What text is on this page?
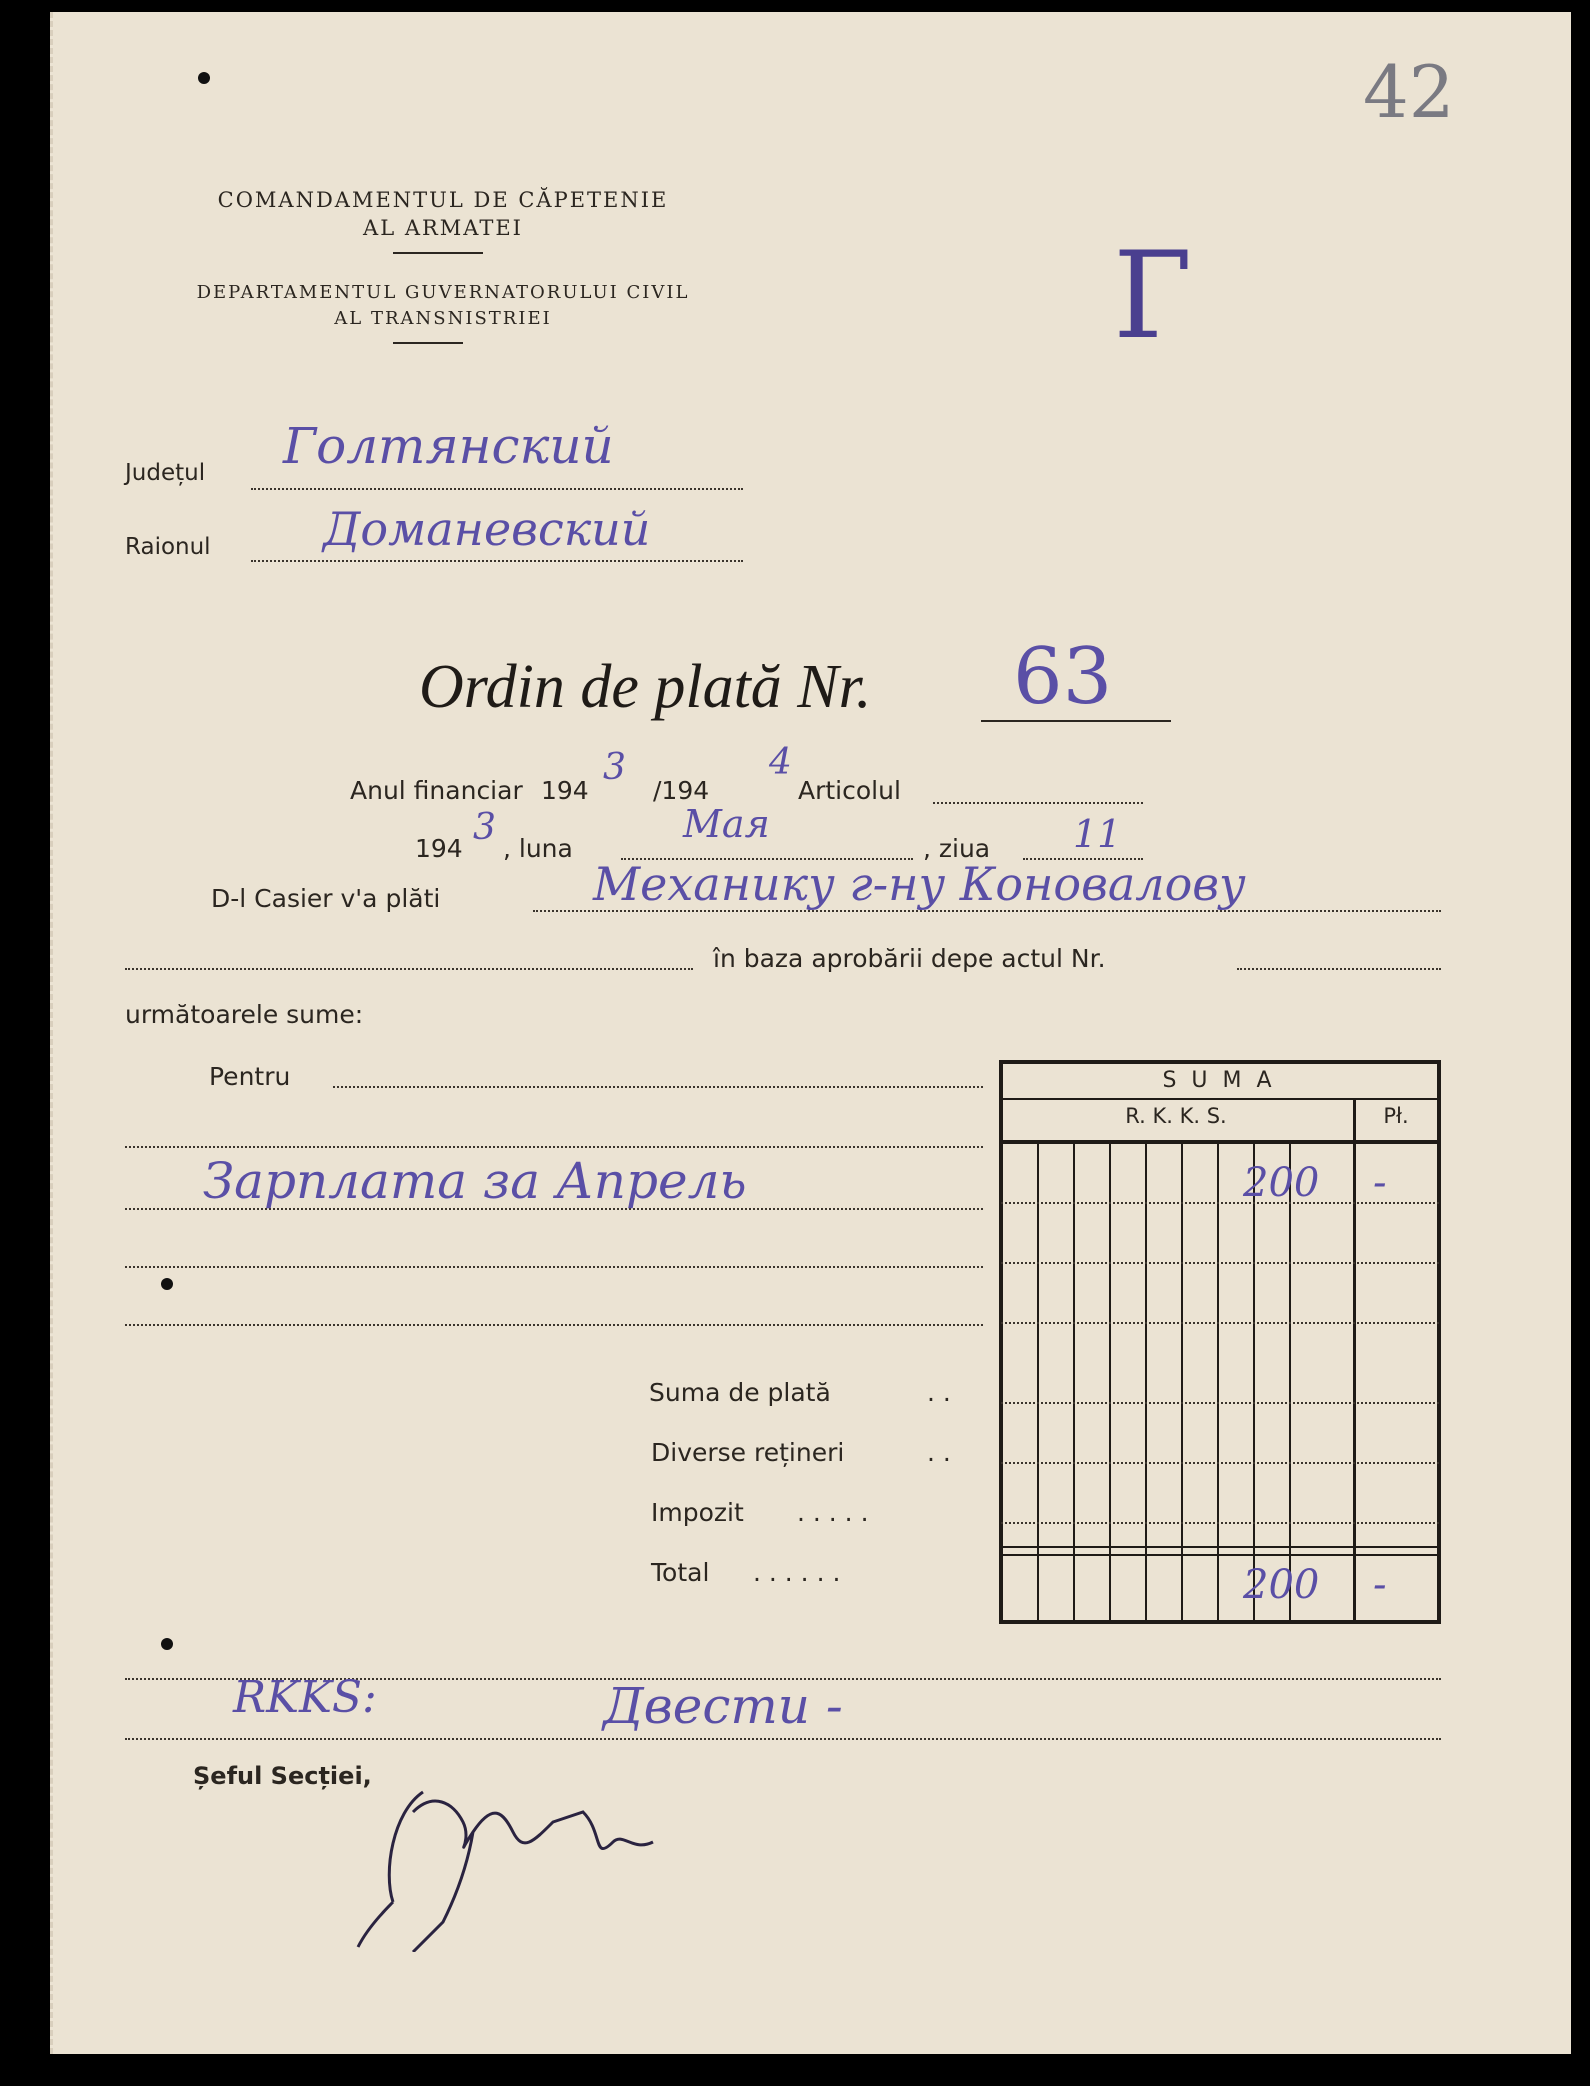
42
Г
COMANDAMENTUL DE CĂPETENIE
AL ARMATEI
DEPARTAMENTUL GUVERNATORULUI CIVIL
AL TRANSNISTRIEI
Județul Голтянский
Raionul Доманевский
Ordin de plată Nr. 63
Anul financiar 194
3
/194
4
Articolul
194
3
, luna
Мая
, ziua 11
D-l Casier v'a plăti	Механику г-ну Коновалову
în baza aprobării depe actul Nr.
următoarele sume:
Pentru
Зарплата за Апрель
Suma de plată	. .
Diverse rețineri	. .
Impozit . . . . .
Total . . . . . .
S U M A
R. K. K. S.	Pł.
200 -
200 -
RKKS:	Двести -
Șeful Secției,
